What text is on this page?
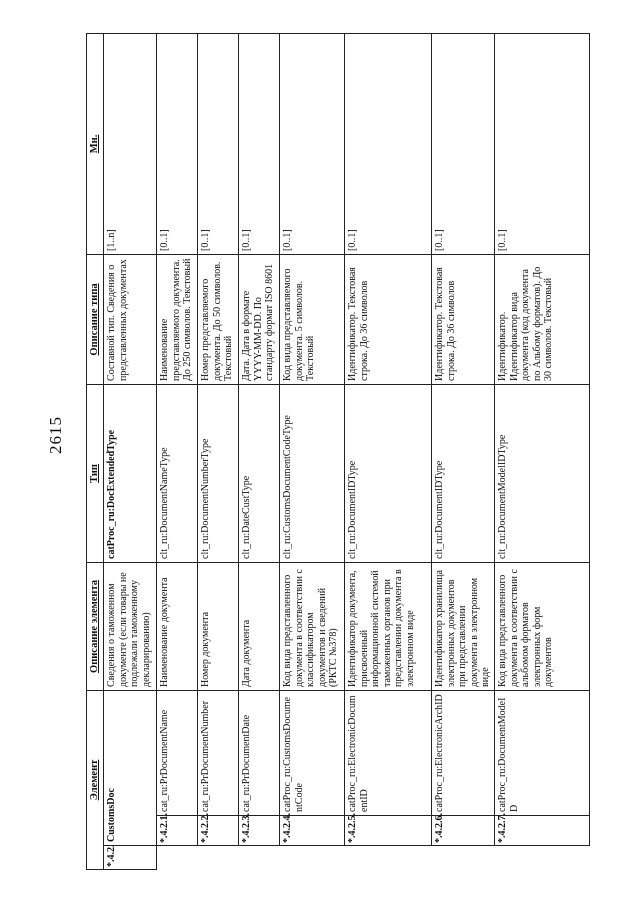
2615
Элемент			Описание элемента	Тип	Описание типа	Мн.
*.4.2.	CustomsDoc		Сведения о таможенном документе (если товары не подлежали таможенному декларированию)	catProc_ru:DocExtendedType	Составной тип. Сведения о представленных документах	[1..n]
	*.4.2.1.	cat_ru:PrDocumentName	Наименование документа	clt_ru:DocumentNameType	Наименование представляемого документа. До 250 символов. Текстовый	[0..1]
	*.4.2.2.	cat_ru:PrDocumentNumber	Номер документа	clt_ru:DocumentNumberType	Номер представляемого документа. До 50 символов. Текстовый	[0..1]
	*.4.2.3.	cat_ru:PrDocumentDate	Дата документа	clt_ru:DateCustType	Дата. Дата в формате YYYY-MM-DD. По стандарту формат ISO 8601	[0..1]
	*.4.2.4.	catProc_ru:CustomsDocumentCode	Код вида представленного документа в соответствии с классификатором документов и сведений (РКТС №378)	clt_ru:CustomsDocumentCodeType	Код вида представляемого документа. 5 символов. Текстовый	[0..1]
	*.4.2.5.	catProc_ru:ElectronicDocumentID	Идентификатор документа, присвоенный информационной системой таможенных органов при представлении документа в электронном виде	clt_ru:DocumentIDType	Идентификатор. Текстовая строка. До 36 символов	[0..1]
	*.4.2.6.	catProc_ru:ElectronicArchID	Идентификатор хранилища электронных документов при представлении документа в электронном виде	clt_ru:DocumentIDType	Идентификатор. Текстовая строка. До 36 символов	[0..1]
	*.4.2.7.	catProc_ru:DocumentModeID	Код вида представленного документа в соответствии с альбомом форматов электронных форм документов	clt_ru:DocumentModelIDType	Идентификатор. Идентификатор вида документа (код документа по Альбому форматов). До 30 символов. Текстовый	[0..1]
